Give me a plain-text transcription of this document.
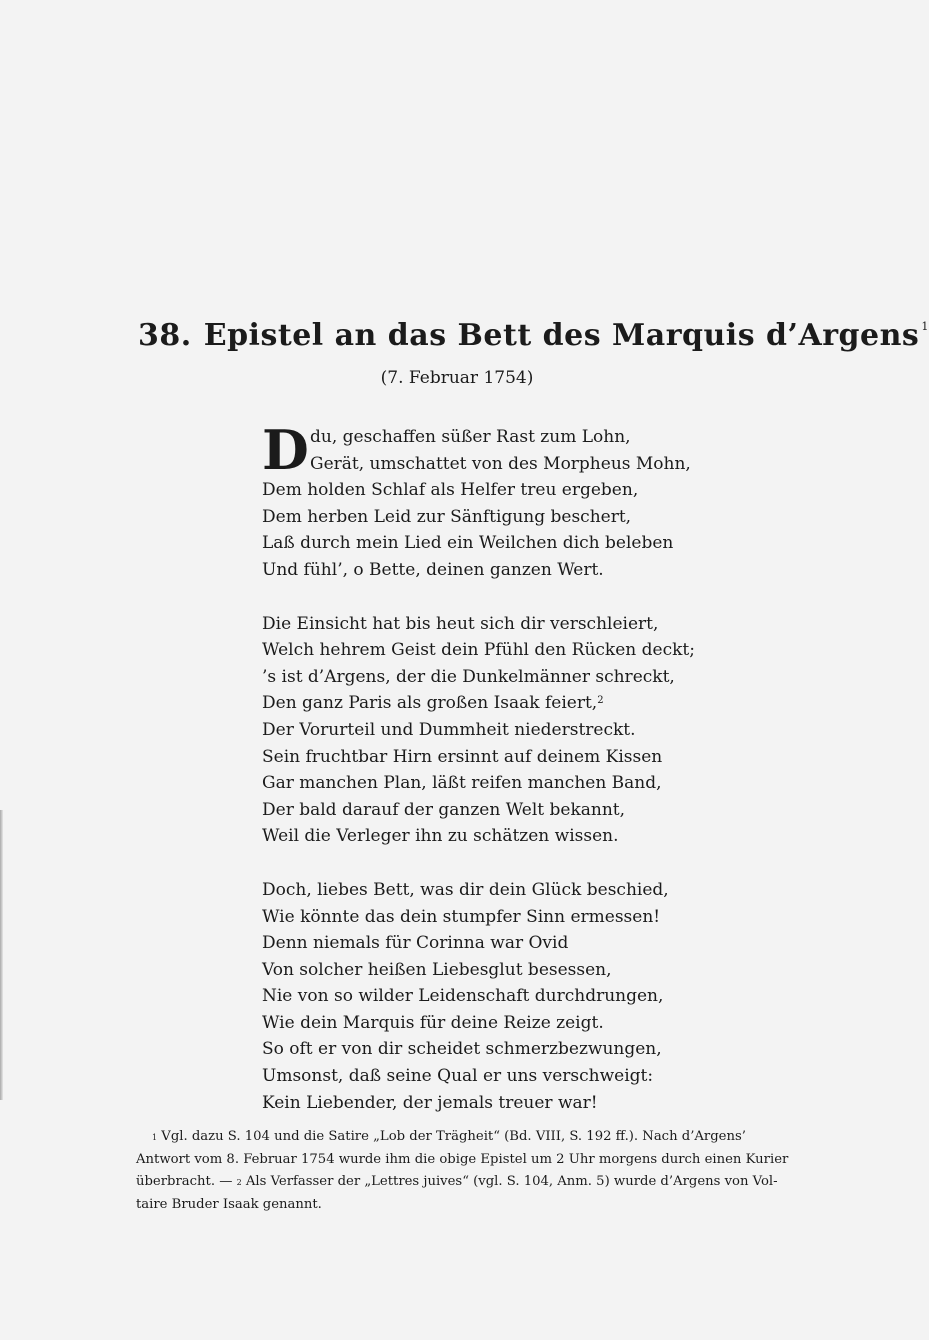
38. Epistel an das Bett des Marquis d’Argens $^1$
(7. Februar 1754)
D du, geschaffen süßer Rast zum Lohn,
Gerät, umschattet von des Morpheus Mohn,
Dem holden Schlaf als Helfer treu ergeben,
Dem herben Leid zur Sänftigung beschert,
Laß durch mein Lied ein Weilchen dich beleben
Und fühl’, o Bette, deinen ganzen Wert.
Die Einsicht hat bis heut sich dir verschleiert,
Welch hehrem Geist dein Pfühl den Rücken deckt;
’s ist d’Argens, der die Dunkelmänner schreckt,
Den ganz Paris als großen Isaak feiert,$^2$
Der Vorurteil und Dummheit niederstreckt.
Sein fruchtbar Hirn ersinnt auf deinem Kissen
Gar manchen Plan, läßt reifen manchen Band,
Der bald darauf der ganzen Welt bekannt,
Weil die Verleger ihn zu schätzen wissen.
Doch, liebes Bett, was dir dein Glück beschied,
Wie könnte das dein stumpfer Sinn ermessen!
Denn niemals für Corinna war Ovid
Von solcher heißen Liebesglut besessen,
Nie von so wilder Leidenschaft durchdrungen,
Wie dein Marquis für deine Reize zeigt.
So oft er von dir scheidet schmerzbezwungen,
Umsonst, daß seine Qual er uns verschweigt:
Kein Liebender, der jemals treuer war!
$^1$ Vgl. dazu S. 104 und die Satire „Lob der Trägheit“ (Bd. VIII, S. 192 ff.). Nach d’Argens’
Antwort vom 8. Februar 1754 wurde ihm die obige Epistel um 2 Uhr morgens durch einen Kurier
überbracht. — $^2$ Als Verfasser der „Lettres juives“ (vgl. S. 104, Anm. 5) wurde d’Argens von Vol-
taire Bruder Isaak genannt.
